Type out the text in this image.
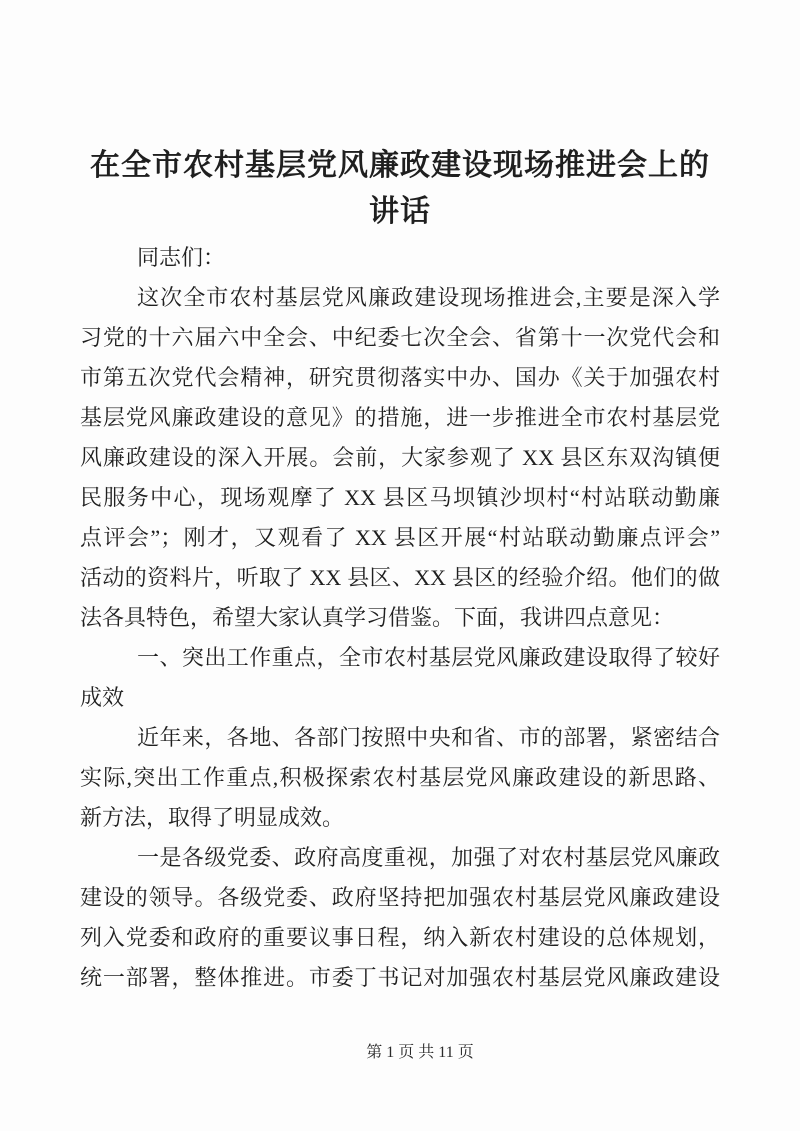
在全市农村基层党风廉政建设现场推进会上的
讲话
同志们：
这次全市农村基层党风廉政建设现场推进会,主要是深入学
习党的十六届六中全会、中纪委七次全会、省第十一次党代会和
市第五次党代会精神，研究贯彻落实中办、国办《关于加强农村
基层党风廉政建设的意见》的措施，进一步推进全市农村基层党
风廉政建设的深入开展。会前，大家参观了 XX 县区东双沟镇便
民服务中心，现场观摩了 XX 县区马坝镇沙坝村“村站联动勤廉
点评会”；刚才，又观看了 XX 县区开展“村站联动勤廉点评会”
活动的资料片，听取了 XX 县区、XX 县区的经验介绍。他们的做
法各具特色，希望大家认真学习借鉴。下面，我讲四点意见：
一、突出工作重点，全市农村基层党风廉政建设取得了较好
成效
近年来，各地、各部门按照中央和省、市的部署，紧密结合
实际,突出工作重点,积极探索农村基层党风廉政建设的新思路、
新方法，取得了明显成效。
一是各级党委、政府高度重视，加强了对农村基层党风廉政
建设的领导。各级党委、政府坚持把加强农村基层党风廉政建设
列入党委和政府的重要议事日程，纳入新农村建设的总体规划，
统一部署，整体推进。市委丁书记对加强农村基层党风廉政建设
第 1 页 共 11 页
